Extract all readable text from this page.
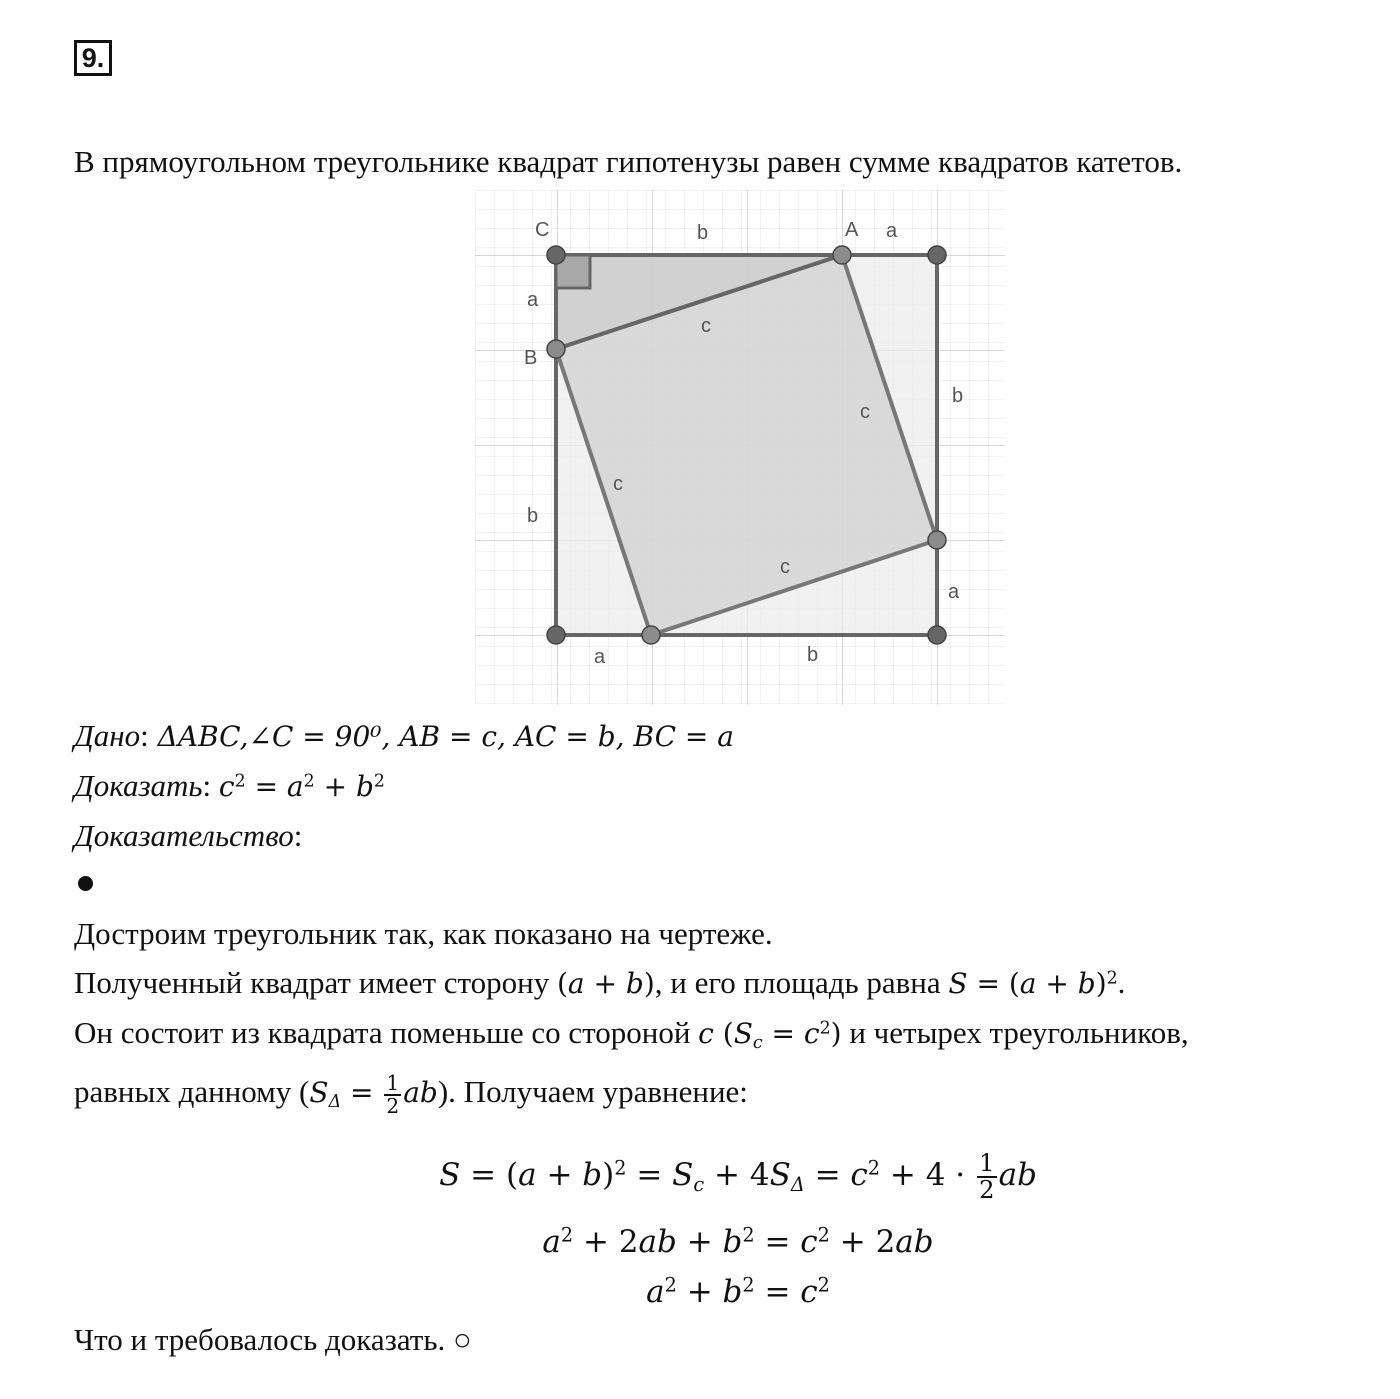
9.
В прямоугольном треугольнике квадрат гипотенузы равен сумме квадратов катетов.
C	A
B
b	a
a
b
b
a
a	b
c
c
c
c
Дано: ΔABC,∠C = 90⁰, AB = c, AC = b, BC = a
Доказать: $c^2 = a^2 + b^2$
Доказательство:
Достроим треугольник так, как показано на чертеже.
Полученный квадрат имеет сторону (a + b), и его площадь равна $S = (a + b)^2$.
Он состоит из квадрата поменьше со стороной c $(S_c = c^2)$ и четырех треугольников,
равных данному $(S_\Delta = \frac{1}{2} ab)$. Получаем уравнение:
$S = (a + b)^2 = S_c + 4S_\Delta = c^2 + 4 \cdot \frac{1}{2}$ ab
$a^2 + 2ab + b^2 = c^2 + 2ab$
$a^2 + b^2 = c^2$
Что и требовалось доказать. ○
